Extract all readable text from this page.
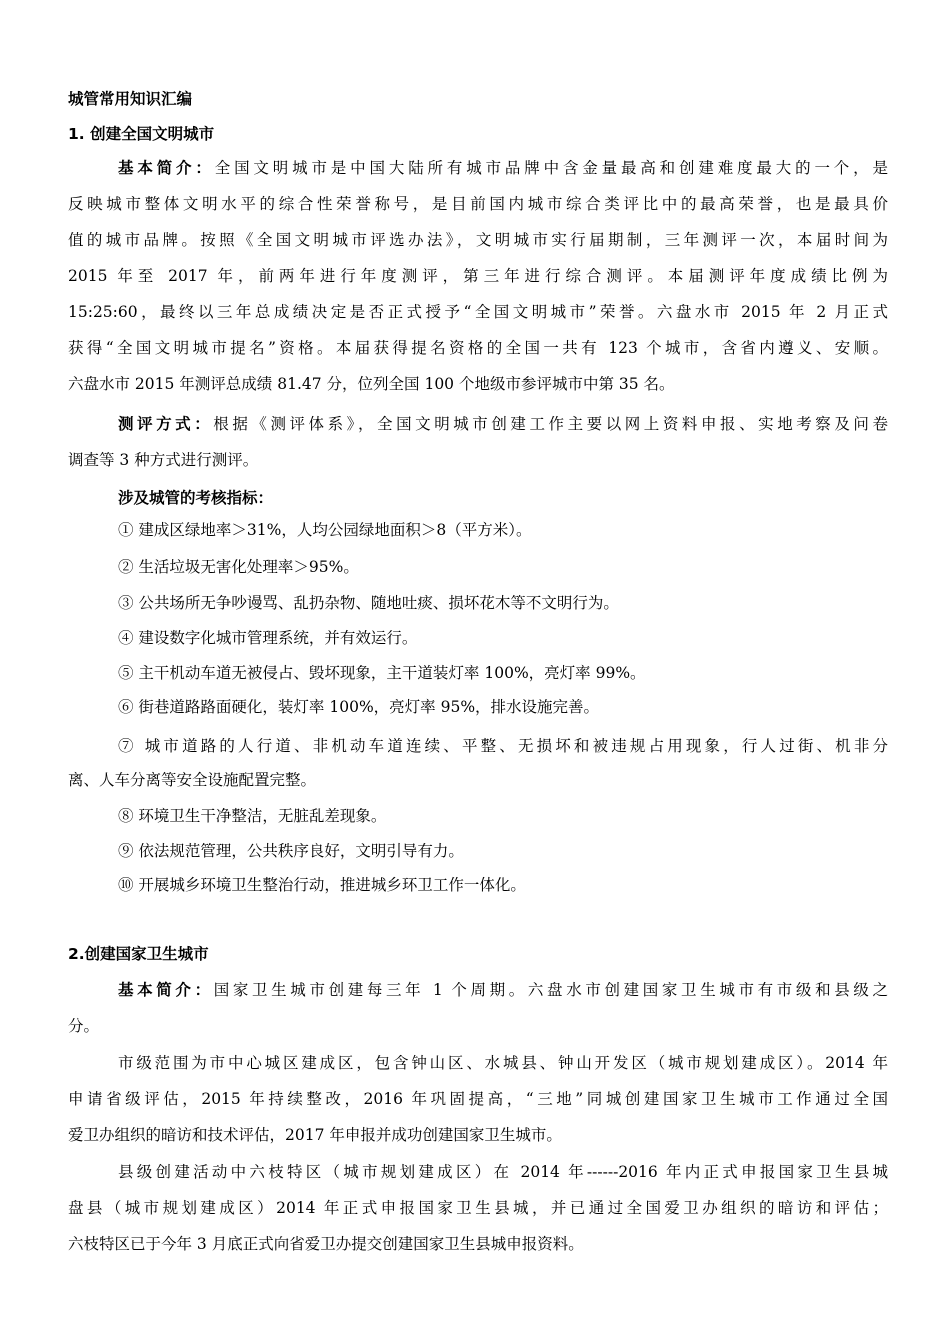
城管常用知识汇编
1. 创建全国文明城市
基本简介：全国文明城市是中国大陆所有城市品牌中含金量最高和创建难度最大的一个，是
反映城市整体文明水平的综合性荣誉称号，是目前国内城市综合类评比中的最高荣誉，也是最具价
值的城市品牌。按照《全国文明城市评选办法》，文明城市实行届期制，三年测评一次，本届时间为
2015 年至 2017 年，前两年进行年度测评，第三年进行综合测评。本届测评年度成绩比例为
15:25:60，最终以三年总成绩决定是否正式授予“全国文明城市”荣誉。六盘水市 2015 年 2 月正式
获得“全国文明城市提名”资格。本届获得提名资格的全国一共有 123 个城市，含省内遵义、安顺。
六盘水市 2015 年测评总成绩 81.47 分，位列全国 100 个地级市参评城市中第 35 名。
测评方式：根据《测评体系》，全国文明城市创建工作主要以网上资料申报、实地考察及问卷
调查等 3 种方式进行测评。
涉及城管的考核指标：
① 建成区绿地率＞31%，人均公园绿地面积＞8（平方米）。
② 生活垃圾无害化处理率＞95%。
③ 公共场所无争吵谩骂、乱扔杂物、随地吐痰、损坏花木等不文明行为。
④ 建设数字化城市管理系统，并有效运行。
⑤ 主干机动车道无被侵占、毁坏现象，主干道装灯率 100%，亮灯率 99%。
⑥ 街巷道路路面硬化，装灯率 100%，亮灯率 95%，排水设施完善。
⑦ 城市道路的人行道、非机动车道连续、平整、无损坏和被违规占用现象，行人过街、机非分
离、人车分离等安全设施配置完整。
⑧ 环境卫生干净整洁，无脏乱差现象。
⑨ 依法规范管理，公共秩序良好，文明引导有力。
⑩ 开展城乡环境卫生整治行动，推进城乡环卫工作一体化。
2.创建国家卫生城市
基本简介：国家卫生城市创建每三年 1 个周期。六盘水市创建国家卫生城市有市级和县级之
分。
市级范围为市中心城区建成区，包含钟山区、水城县、钟山开发区（城市规划建成区）。2014 年
申请省级评估，2015 年持续整改，2016 年巩固提高，“三地”同城创建国家卫生城市工作通过全国
爱卫办组织的暗访和技术评估，2017 年申报并成功创建国家卫生城市。
县级创建活动中六枝特区（城市规划建成区）在 2014 年------2016 年内正式申报国家卫生县城
盘县（城市规划建成区）2014 年正式申报国家卫生县城，并已通过全国爱卫办组织的暗访和评估；
六枝特区已于今年 3 月底正式向省爱卫办提交创建国家卫生县城申报资料。
